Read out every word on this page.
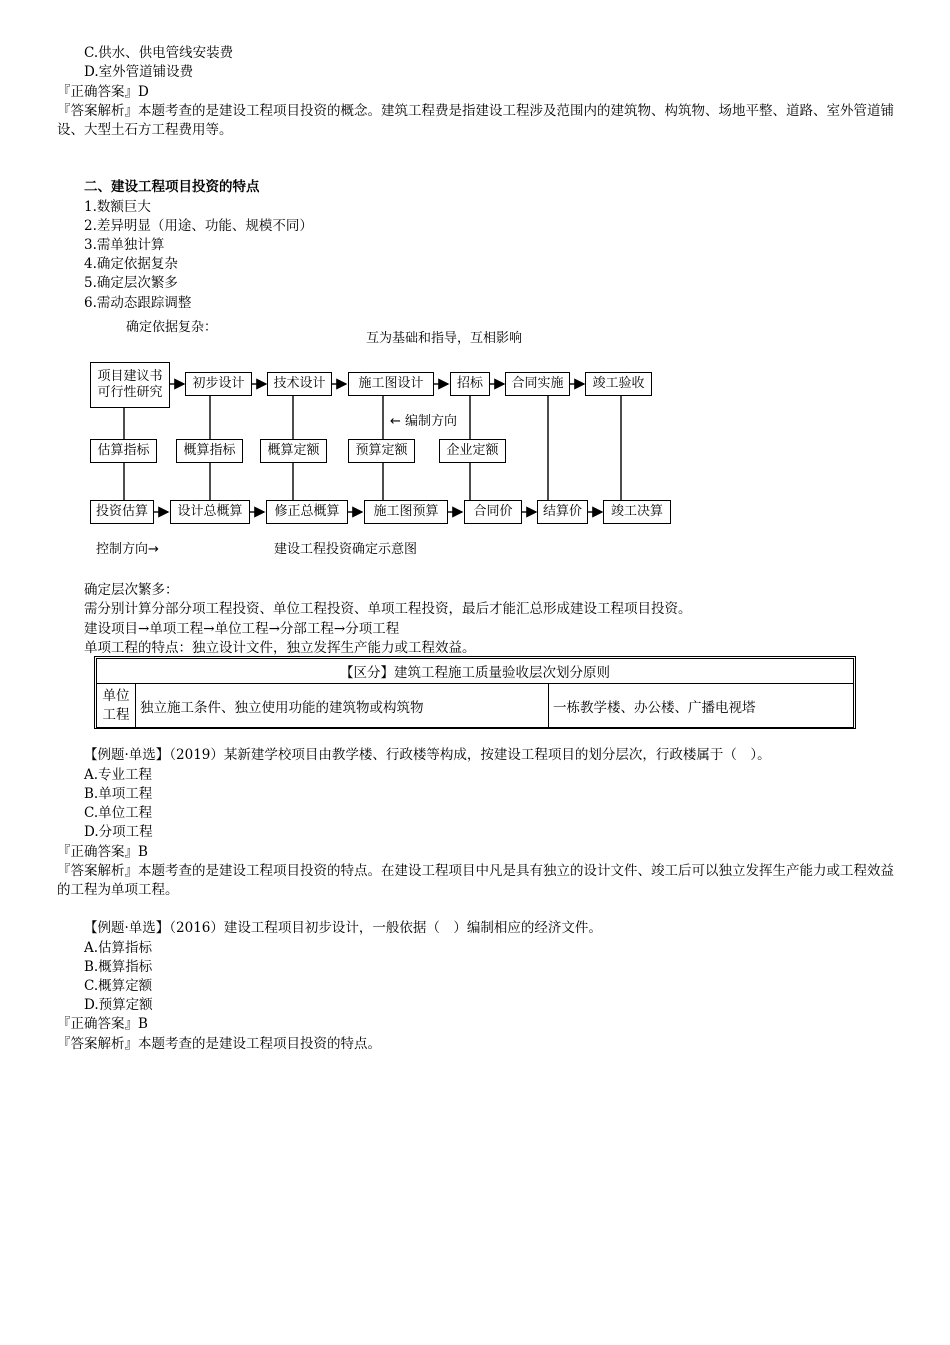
C.供水、供电管线安装费
D.室外管道铺设费
『正确答案』D
『答案解析』本题考查的是建设工程项目投资的概念。建筑工程费是指建设工程涉及范围内的建筑物、构筑物、场地平整、道路、室外管道铺设、大型土石方工程费用等。
二、建设工程项目投资的特点
1.数额巨大
2.差异明显（用途、功能、规模不同）
3.需单独计算
4.确定依据复杂
5.确定层次繁多
6.需动态跟踪调整
确定依据复杂：
互为基础和指导，互相影响
项目建议书
可行性研究
初步设计	技术设计	施工图设计	招标	合同实施	竣工验收
← 编制方向
估算指标	概算指标	概算定额	预算定额	企业定额
投资估算	设计总概算	修正总概算	施工图预算	合同价	结算价	竣工决算
控制方向→	建设工程投资确定示意图
确定层次繁多：
需分别计算分部分项工程投资、单位工程投资、单项工程投资，最后才能汇总形成建设工程项目投资。
建设项目→单项工程→单位工程→分部工程→分项工程
单项工程的特点：独立设计文件，独立发挥生产能力或工程效益。
【区分】建筑工程施工质量验收层次划分原则
单位
工程	独立施工条件、独立使用功能的建筑物或构筑物	一栋教学楼、办公楼、广播电视塔
【例题·单选】（2019）某新建学校项目由教学楼、行政楼等构成，按建设工程项目的划分层次，行政楼属于（　）。
A.专业工程
B.单项工程
C.单位工程
D.分项工程
『正确答案』B
『答案解析』本题考查的是建设工程项目投资的特点。在建设工程项目中凡是具有独立的设计文件、竣工后可以独立发挥生产能力或工程效益的工程为单项工程。
【例题·单选】（2016）建设工程项目初步设计，一般依据（　）编制相应的经济文件。
A.估算指标
B.概算指标
C.概算定额
D.预算定额
『正确答案』B
『答案解析』本题考查的是建设工程项目投资的特点。
